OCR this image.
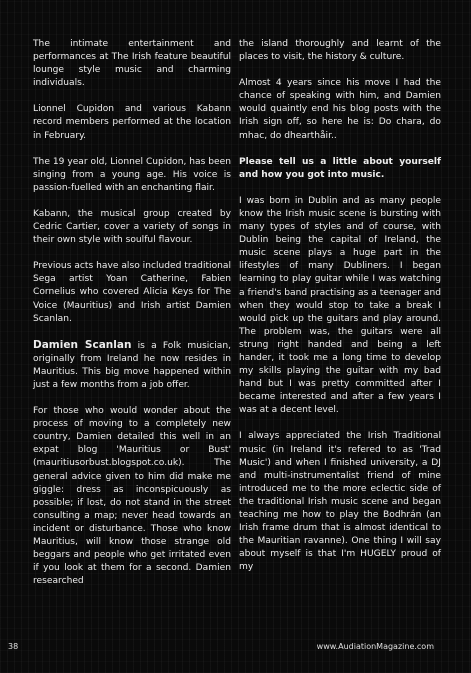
The intimate entertainment and performances at The Irish feature beautiful lounge style music and charming individuals.

Lionnel Cupidon and various Kabann record members performed at the location in February.

The 19 year old, Lionnel Cupidon, has been singing from a young age. His voice is passion-fuelled with an enchanting flair.

Kabann, the musical group created by Cedric Cartier, cover a variety of songs in their own style with soulful flavour.

Previous acts have also included traditional Sega artist Yoan Catherine, Fabien Cornelius who covered Alicia Keys for The Voice (Mauritius) and Irish artist Damien Scanlan.

Damien Scanlan is a Folk musician, originally from Ireland he now resides in Mauritius. This big move happened within just a few months from a job offer.

For those who would wonder about the process of moving to a completely new country, Damien detailed this well in an expat blog 'Mauritius or Bust' (mauritiusorbust.blogspot.co.uk). The general advice given to him did make me giggle: dress as inconspicuously as possible; if lost, do not stand in the street consulting a map; never head towards an incident or disturbance. Those who know Mauritius, will know those strange old beggars and people who get irritated even if you look at them for a second. Damien researched

the island thoroughly and learnt of the places to visit, the history & culture.

Almost 4 years since his move I had the chance of speaking with him, and Damien would quaintly end his blog posts with the Irish sign off, so here he is: Do chara, do mhac, do dhearthåir..

Please tell us a little about yourself and how you got into music.

I was born in Dublin and as many people know the Irish music scene is bursting with many types of styles and of course, with Dublin being the capital of Ireland, the music scene plays a huge part in the lifestyles of many Dubliners. I began learning to play guitar while I was watching a friend's band practising as a teenager and when they would stop to take a break I would pick up the guitars and play around. The problem was, the guitars were all strung right handed and being a left hander, it took me a long time to develop my skills playing the guitar with my bad hand but I was pretty committed after I became interested and after a few years I was at a decent level.

I always appreciated the Irish Traditional music (in Ireland it's refered to as 'Trad Music') and when I finished university, a DJ and multi-instrumentalist friend of mine introduced me to the more eclectic side of the traditional Irish music scene and began teaching me how to play the Bodhrán (an Irish frame drum that is almost identical to the Mauritian ravanne). One thing I will say about myself is that I'm HUGELY proud of my

38	www.AudiationMagazine.com
